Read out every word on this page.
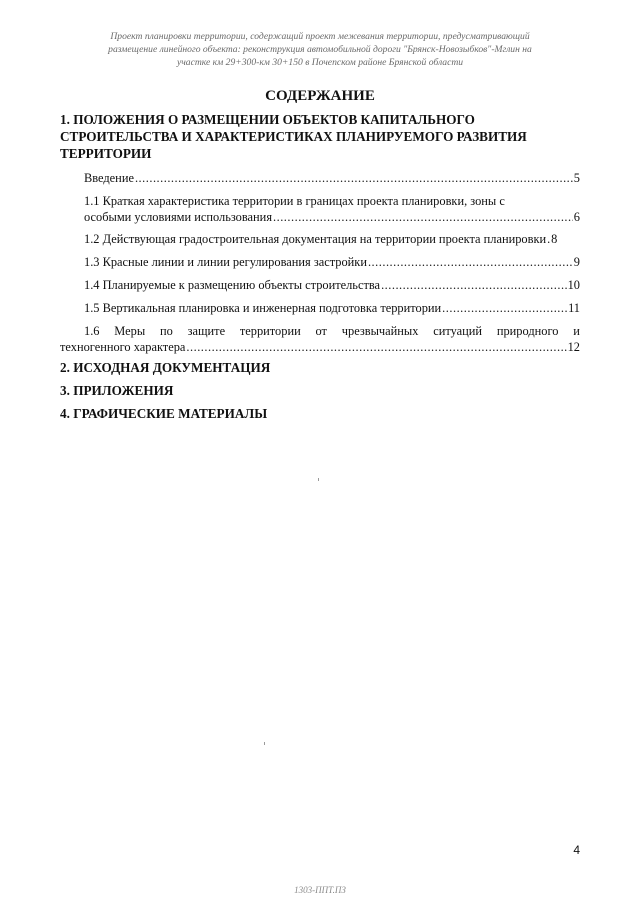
Проект планировки территории, содержащий проект межевания территории, предусматривающий
размещение линейного объекта: реконструкция автомобильной дороги "Брянск-Новозыбков"-Мглин на
участке км 29+300-км 30+150 в Почепском районе Брянской области
СОДЕРЖАНИЕ
1. ПОЛОЖЕНИЯ О РАЗМЕЩЕНИИ ОБЪЕКТОВ КАПИТАЛЬНОГО
СТРОИТЕЛЬСТВА И ХАРАКТЕРИСТИКАХ ПЛАНИРУЕМОГО РАЗВИТИЯ
ТЕРРИТОРИИ
Введение .....	5
1.1 Краткая характеристика территории в границах проекта планировки, зоны с
особыми условиями использования .....	6
1.2 Действующая градостроительная документация на территории проекта планировки ..... 8
1.3 Красные линии и линии регулирования застройки .....	9
1.4 Планируемые к размещению объекты строительства .....	10
1.5 Вертикальная планировка и инженерная подготовка территории .....	11
1.6 Меры по защите территории от чрезвычайных ситуаций природного и
техногенного характера .....	12
2. ИСХОДНАЯ ДОКУМЕНТАЦИЯ
3. ПРИЛОЖЕНИЯ
4. ГРАФИЧЕСКИЕ МАТЕРИАЛЫ
4
1303-ППТ.ПЗ
